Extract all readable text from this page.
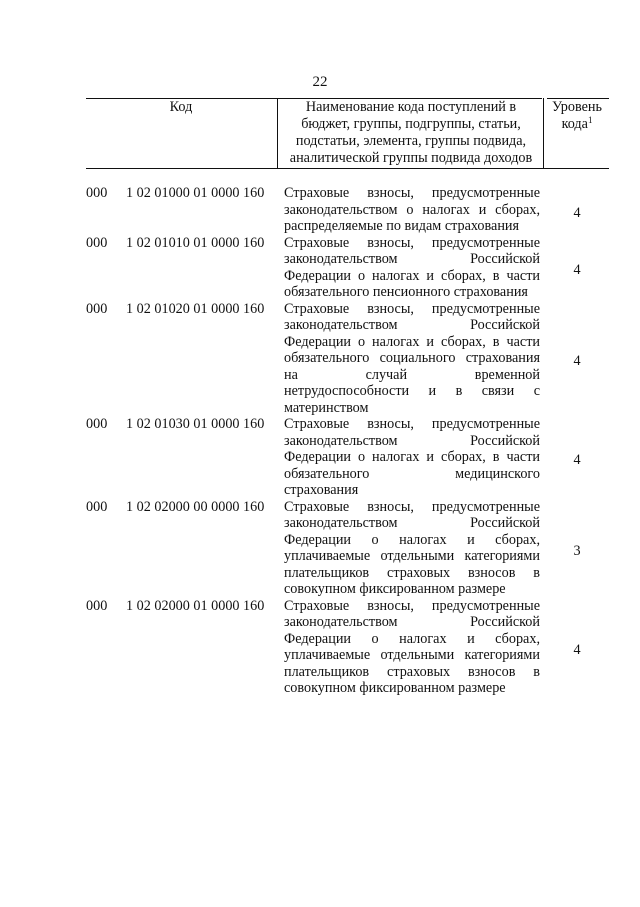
22
Код	Наименование кода поступлений в
бюджет, группы, подгруппы, статьи,
подстатьи, элемента, группы подвида,
аналитической группы подвида доходов
Уровень
кода$^1$
000	1 02 01000 01 0000 160	Страховые взносы, предусмотренные
законодательством о налогах и сборах,
распределяемые по видам страхования
4
000	1 02 01010 01 0000 160	Страховые взносы, предусмотренные
законодательством Российской
Федерации о налогах и сборах, в части
обязательного пенсионного страхования
4
000	1 02 01020 01 0000 160	Страховые взносы, предусмотренные
законодательством Российской
Федерации о налогах и сборах, в части
обязательного социального страхования
на случай временной
нетрудоспособности и в связи с
материнством
4
000	1 02 01030 01 0000 160	Страховые взносы, предусмотренные
законодательством Российской
Федерации о налогах и сборах, в части
обязательного медицинского
страхования
4
000	1 02 02000 00 0000 160	Страховые взносы, предусмотренные
законодательством Российской
Федерации о налогах и сборах,
уплачиваемые отдельными категориями
плательщиков страховых взносов в
совокупном фиксированном размере
3
000	1 02 02000 01 0000 160	Страховые взносы, предусмотренные
законодательством Российской
Федерации о налогах и сборах,
уплачиваемые отдельными категориями
плательщиков страховых взносов в
совокупном фиксированном размере
4
